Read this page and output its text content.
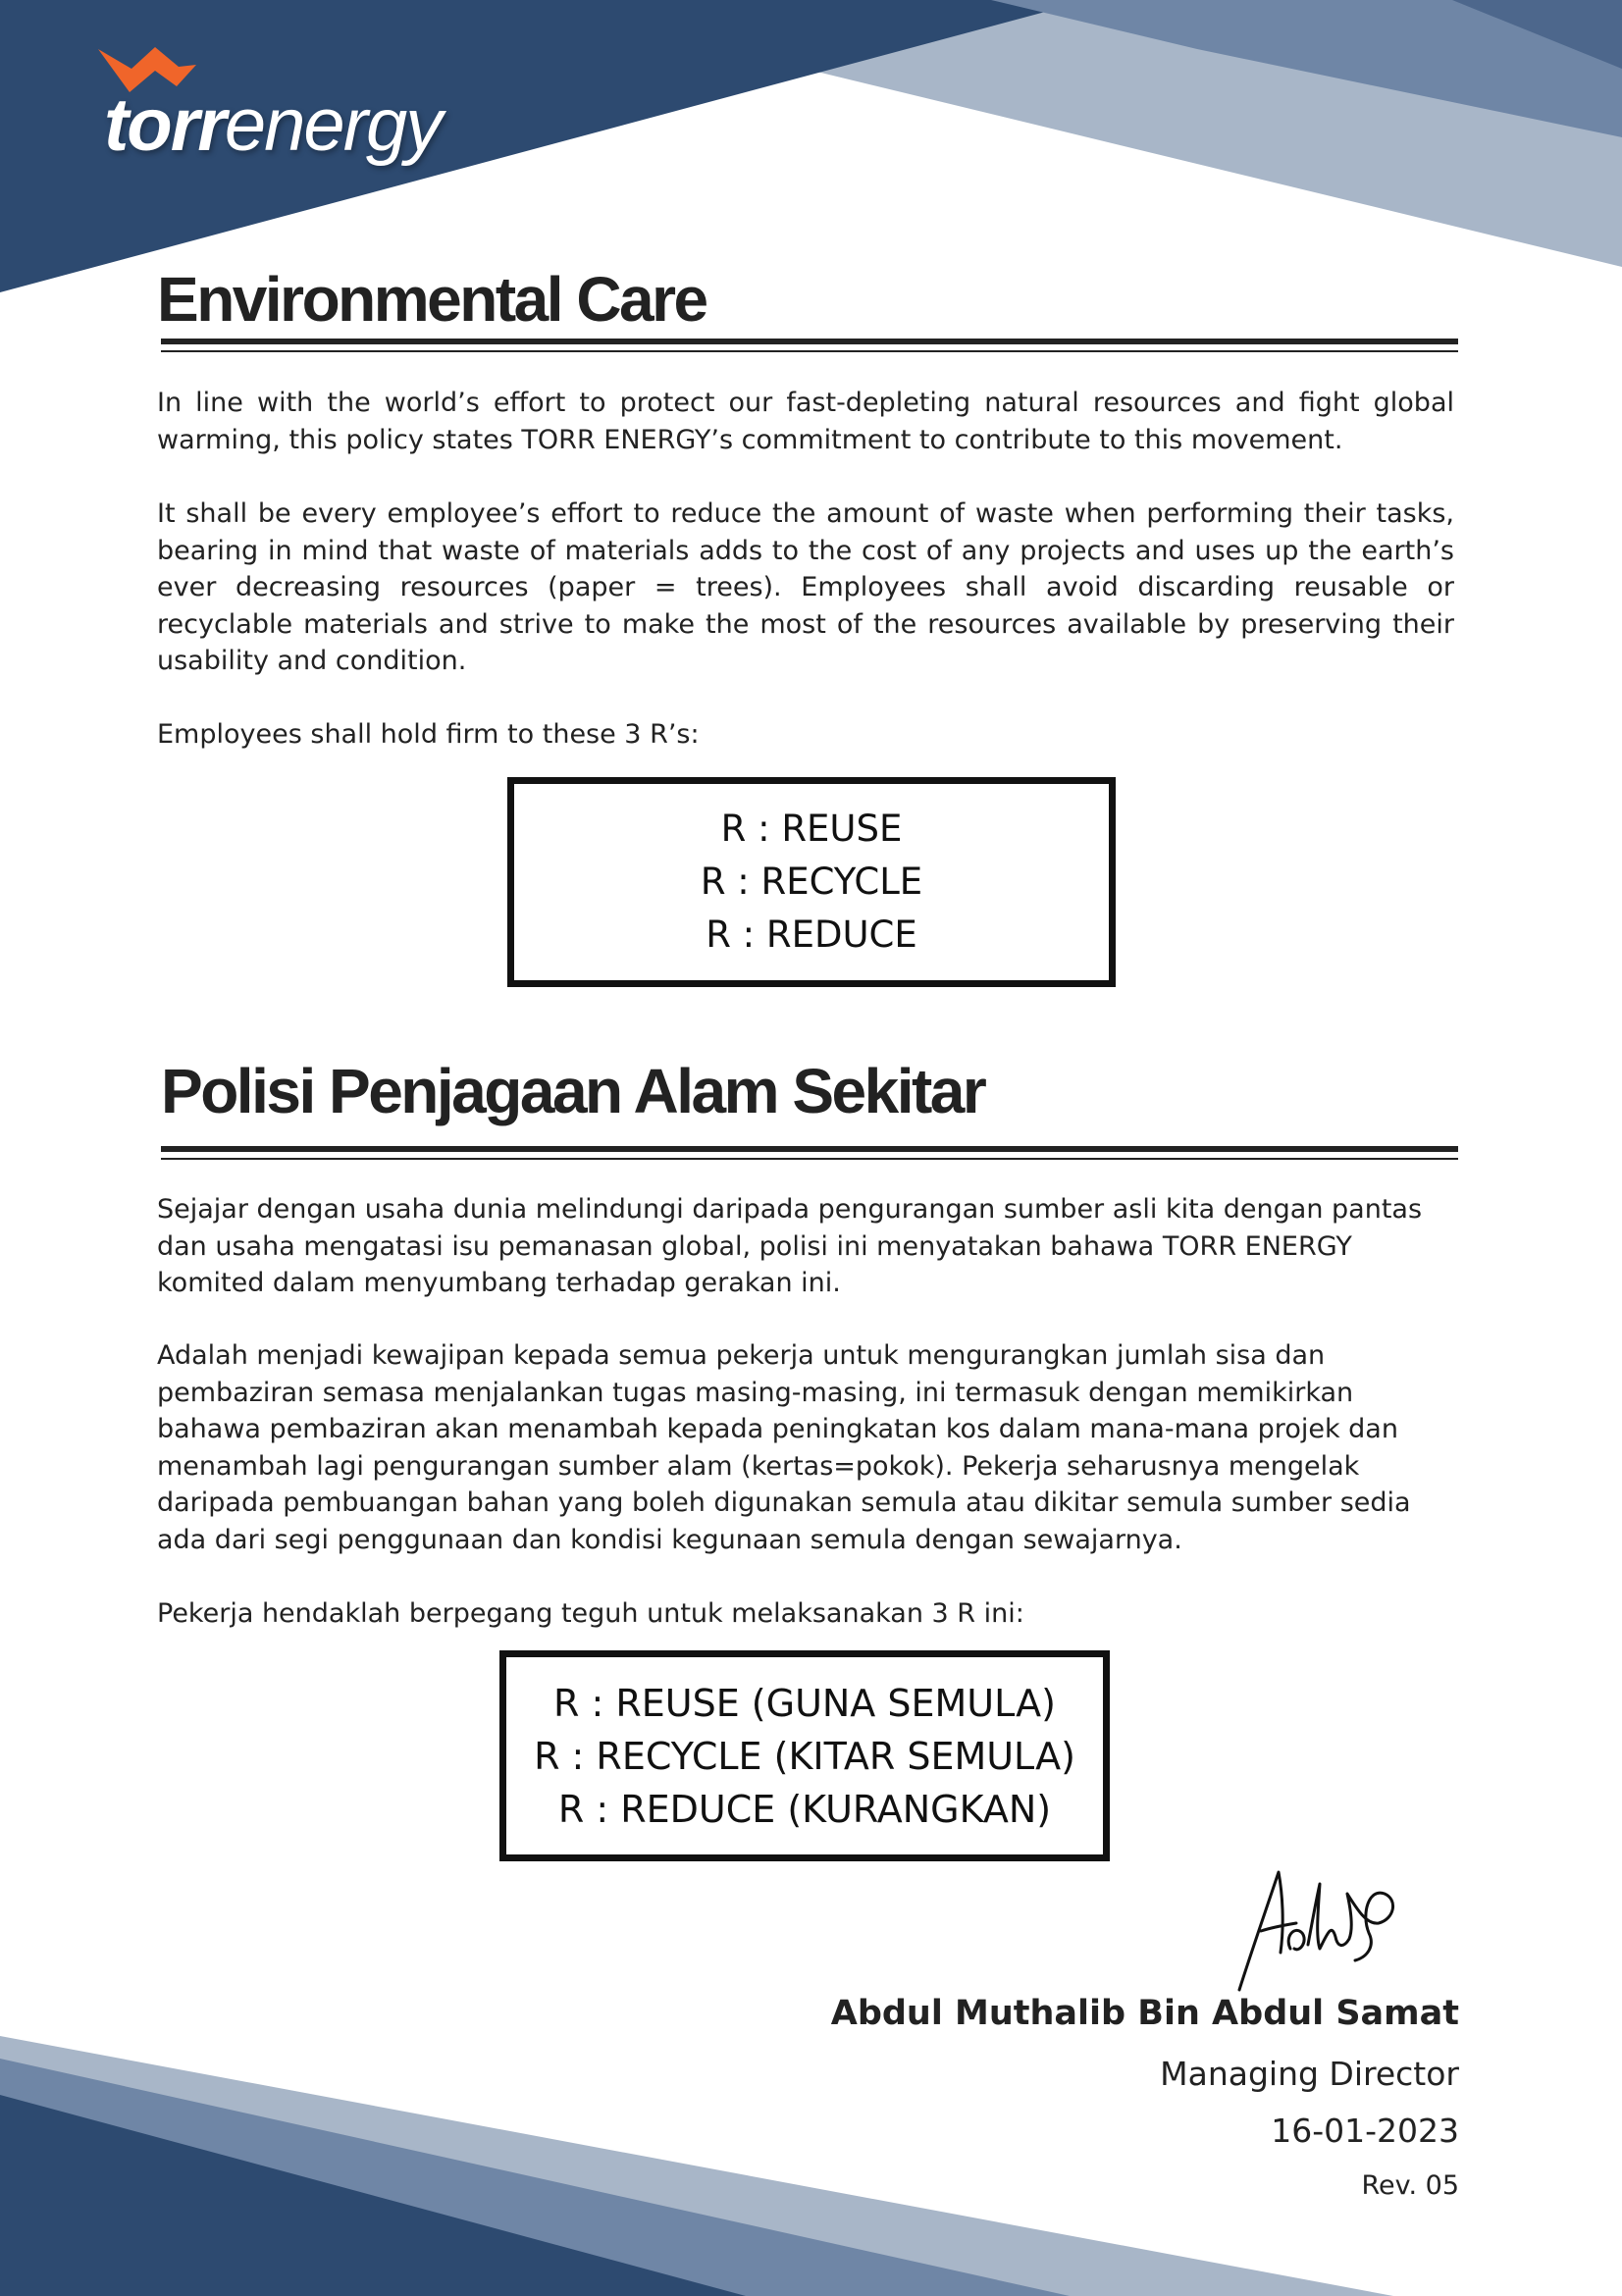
torrenergy
Environmental Care

In line with the world’s effort to protect our fast-depleting natural resources and fight global warming, this policy states TORR ENERGY’s commitment to contribute to this movement.

It shall be every employee’s effort to reduce the amount of waste when performing their tasks, bearing in mind that waste of materials adds to the cost of any projects and uses up the earth’s ever decreasing resources (paper = trees). Employees shall avoid discarding reusable or recyclable materials and strive to make the most of the resources available by preserving their usability and condition.

Employees shall hold firm to these 3 R’s:

R : REUSE
R : RECYCLE
R : REDUCE
Polisi Penjagaan Alam Sekitar

Sejajar dengan usaha dunia melindungi daripada pengurangan sumber asli kita dengan pantas dan usaha mengatasi isu pemanasan global, polisi ini menyatakan bahawa TORR ENERGY komited dalam menyumbang terhadap gerakan ini.

Adalah menjadi kewajipan kepada semua pekerja untuk mengurangkan jumlah sisa dan pembaziran semasa menjalankan tugas masing-masing, ini termasuk dengan memikirkan bahawa pembaziran akan menambah kepada peningkatan kos dalam mana-mana projek dan menambah lagi pengurangan sumber alam (kertas=pokok). Pekerja seharusnya mengelak daripada pembuangan bahan yang boleh digunakan semula atau dikitar semula sumber sedia ada dari segi penggunaan dan kondisi kegunaan semula dengan sewajarnya.

Pekerja hendaklah berpegang teguh untuk melaksanakan 3 R ini:

R : REUSE (GUNA SEMULA)
R : RECYCLE (KITAR SEMULA)
R : REDUCE (KURANGKAN)
Abdul Muthalib Bin Abdul Samat
Managing Director
16-01-2023
Rev. 05
